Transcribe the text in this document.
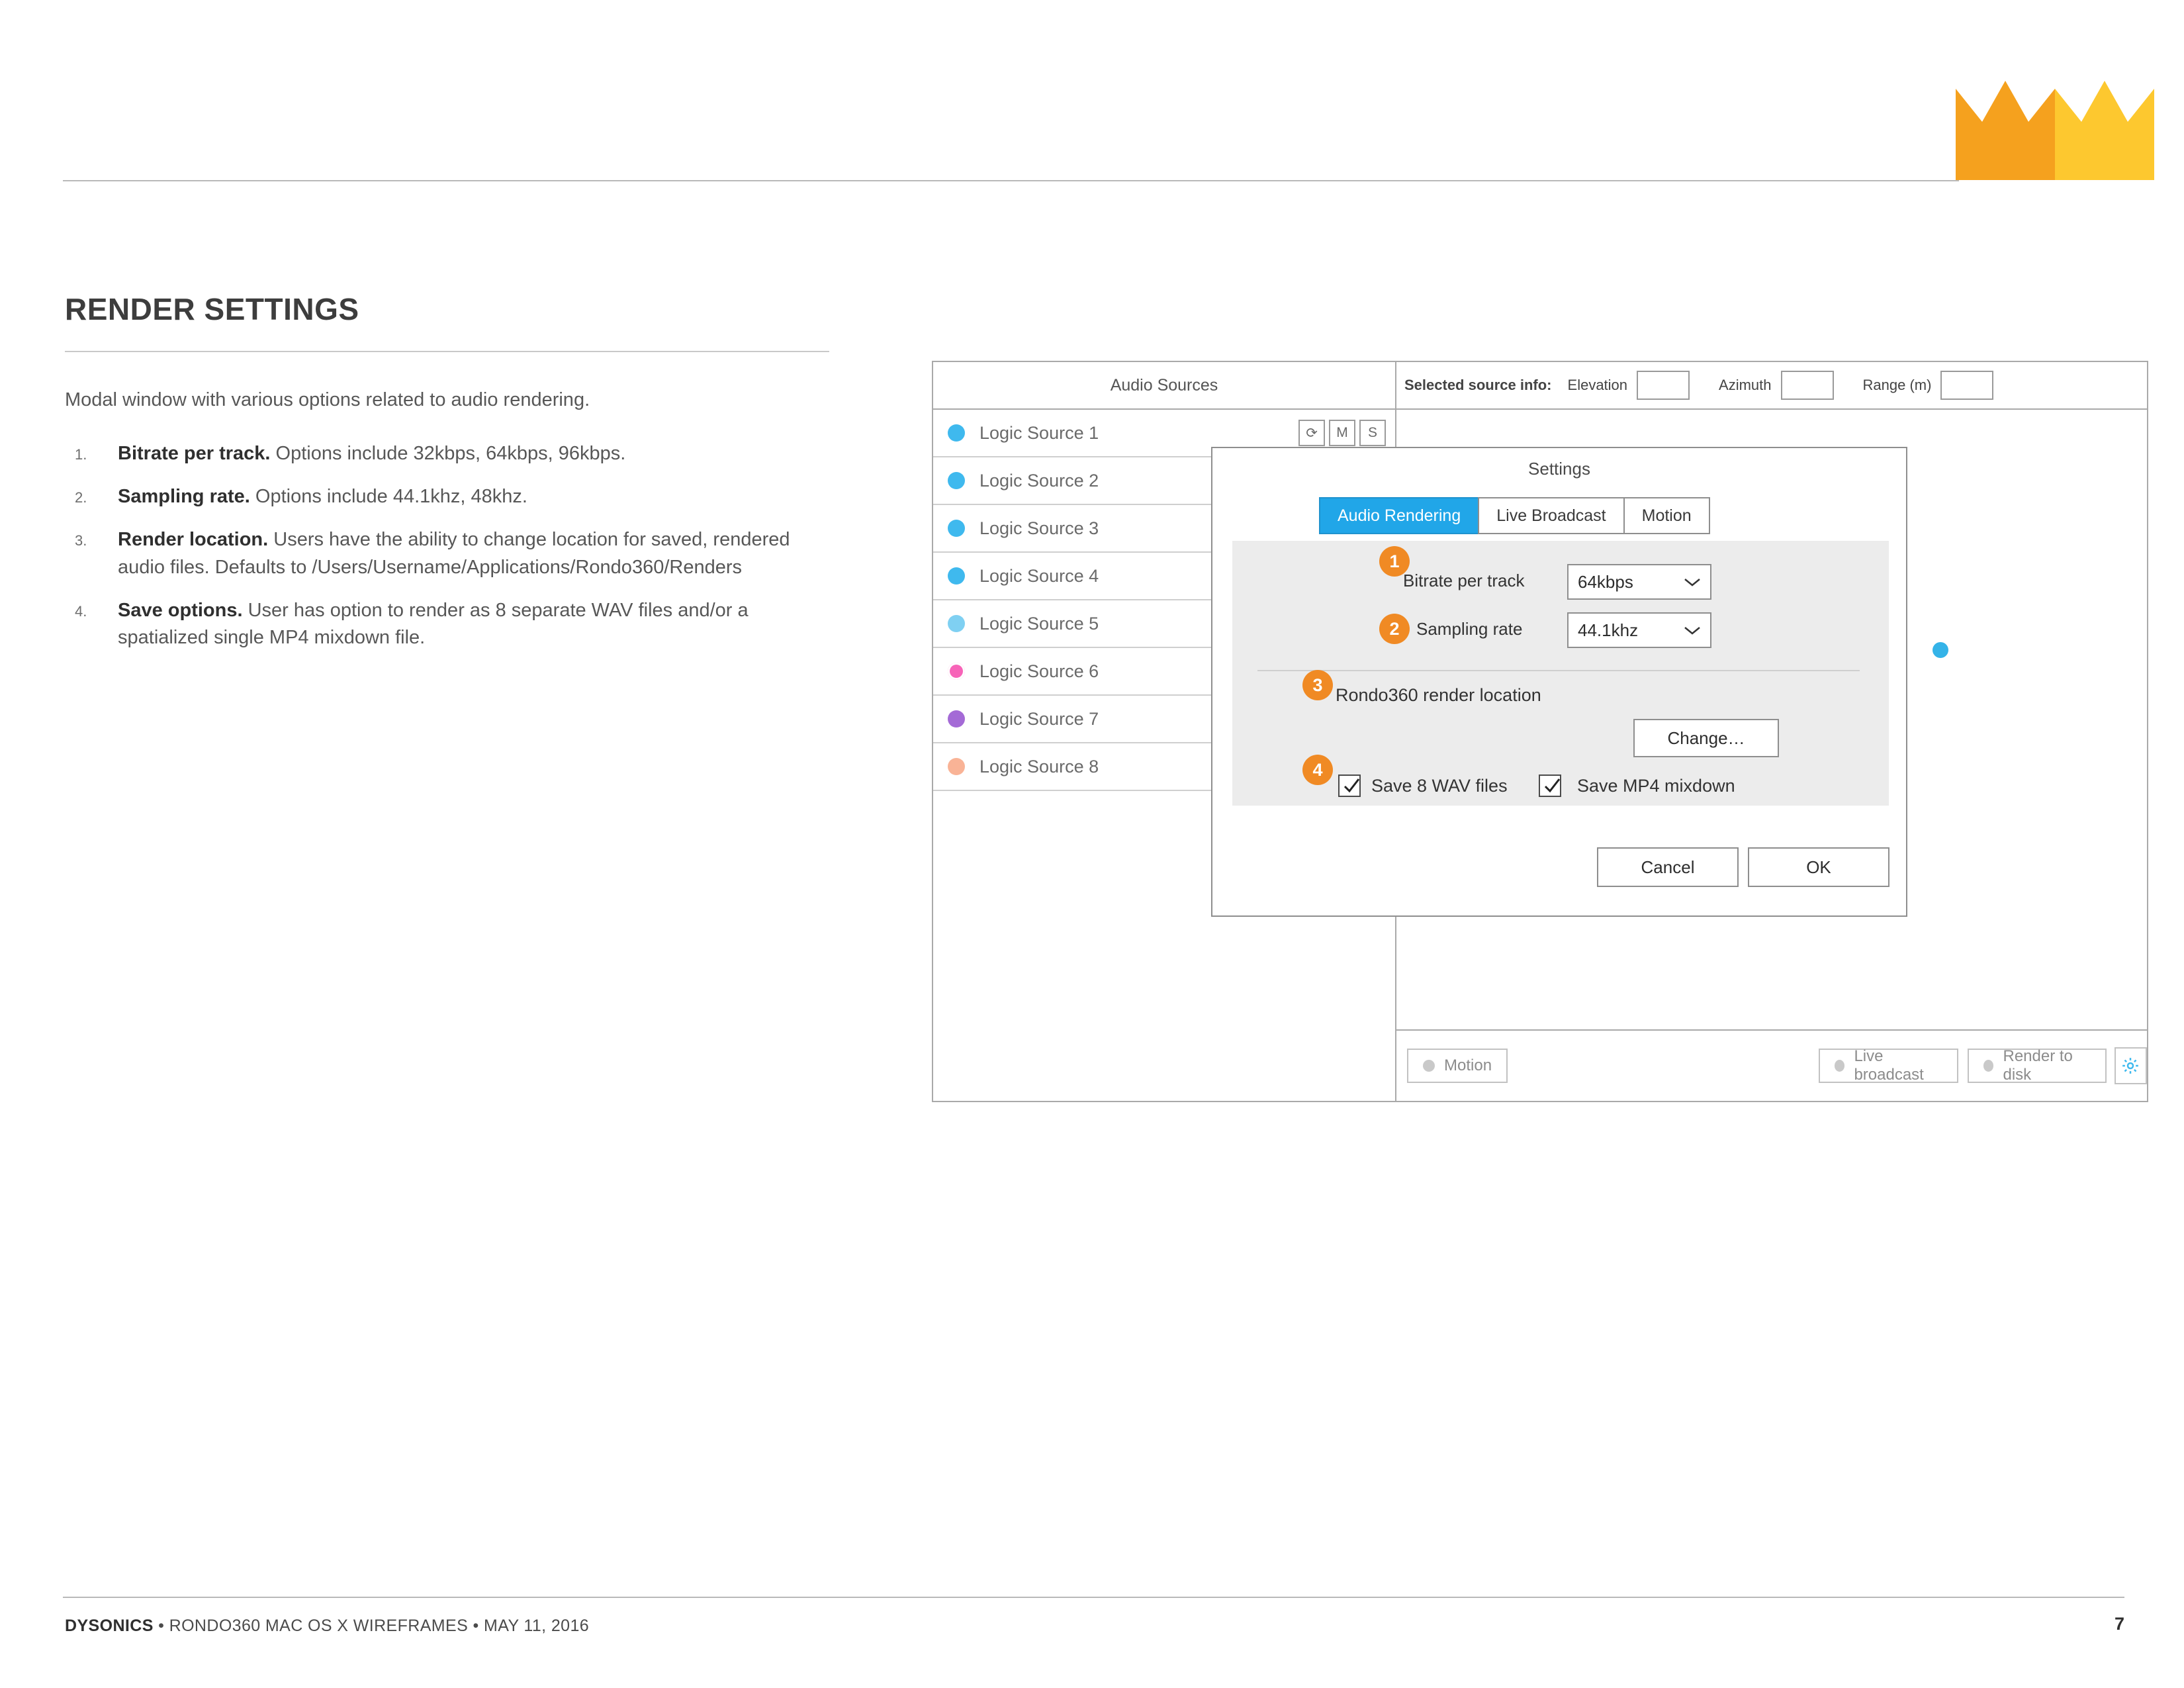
RENDER SETTINGS
Modal window with various options related to audio rendering.
1. Bitrate per track. Options include 32kbps, 64kbps, 96kbps.
2. Sampling rate. Options include 44.1khz, 48khz.
3. Render location. Users have the ability to change location for saved, rendered audio files. Defaults to /Users/Username/Applications/Rondo360/Renders
4. Save options. User has option to render as 8 separate WAV files and/or a spatialized single MP4 mixdown file.
Audio Sources	Selected source info: Elevation	Azimuth	Range (m)
Logic Source 1	⟳	M	S
Logic Source 2
Logic Source 3
Logic Source 4
Logic Source 5
Logic Source 6
Logic Source 7
Logic Source 8
Motion
Live broadcast
Render to disk
Settings
Audio Rendering	Live Broadcast	Motion
Bitrate per track	64kbps
1
Sampling rate	44.1khz
2
Rondo360 render location
3
Change…
4
Save 8 WAV files	Save MP4 mixdown
Cancel	OK
DYSONICS • RONDO360 MAC OS X WIREFRAMES • MAY 11, 2016	7
